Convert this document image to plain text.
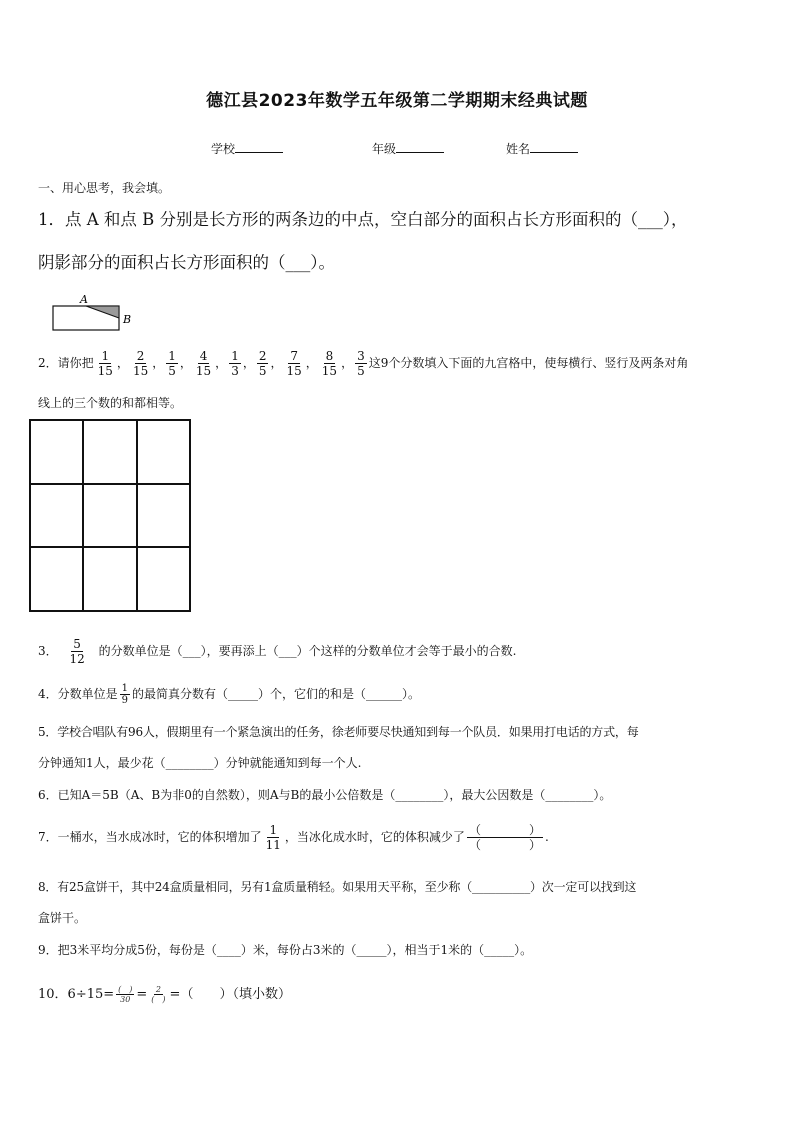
德江县2023年数学五年级第二学期期末经典试题
学校	年级	姓名
一、用心思考，我会填。
1．点 A 和点 B 分别是长方形的两条边的中点，空白部分的面积占长方形面积的（___），
阴影部分的面积占长方形面积的（___）。
A
B
2．请你把 $\frac{1}{15}$ ， $\frac{2}{15}$ ， $\frac{1}{5}$ ， $\frac{4}{15}$ ， $\frac{1}{3}$ ， $\frac{2}{5}$ ， $\frac{7}{15}$ ， $\frac{8}{15}$ ， $\frac{3}{5}$ 这9个分数填入下面的九宫格中，使每横行、竖行及两条对角
线上的三个数的和都相等。
3． $\frac{5}{12}$ 的分数单位是（___），要再添上（___）个这样的分数单位才会等于最小的合数.
4．分数单位是 $\frac{1}{9}$ 的最简真分数有（_____）个，它们的和是（______）。
5．学校合唱队有96人，假期里有一个紧急演出的任务，徐老师要尽快通知到每一个队员．如果用打电话的方式，每
分钟通知1人，最少花（________）分钟就能通知到每一个人.
6．已知A＝5B（A、B为非0的自然数），则A与B的最小公倍数是（________），最大公因数是（________）。
7．一桶水，当水成冰时，它的体积增加了 $\frac{1}{11}$ ，当冰化成水时，它的体积减少了 $\frac{( )}{( )}$ .
8．有25盒饼干，其中24盒质量相同，另有1盒质量稍轻。如果用天平称，至少称（__________）次一定可以找到这
盒饼干。
9．把3米平均分成5份，每份是（____）米，每份占3米的（_____），相当于1米的（_____）。
10．$6\div 15= \frac{( )}{30} = \frac{2}{( )}$ =（　　）（填小数）
